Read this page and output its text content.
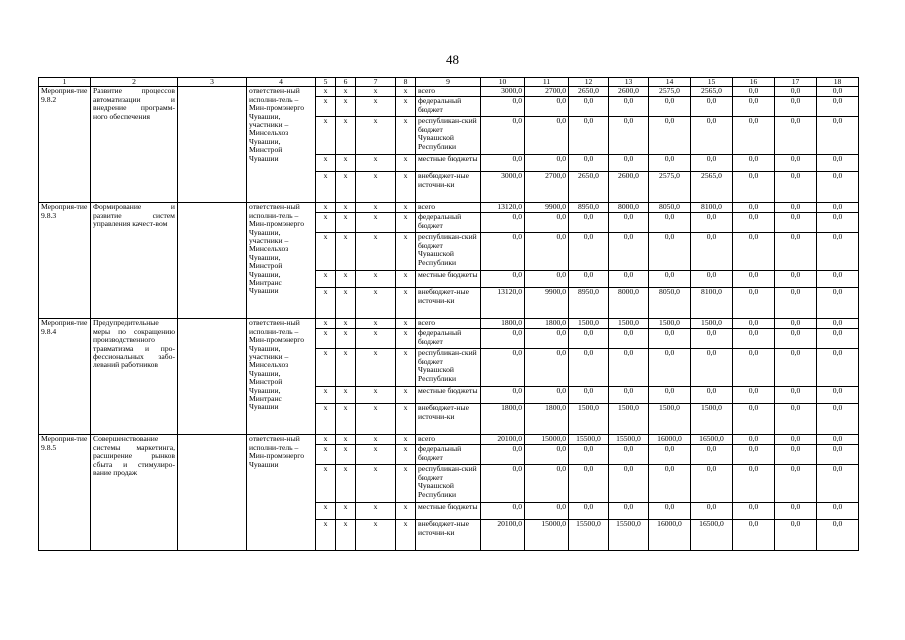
48
1	2	3	4	5	6	7	8	9	10	11	12	13	14	15	16	17	18
Мероприя-тие 9.8.2	Развитие процессов автоматизации и внедрение программ-ного обеспечения		ответствен-ный исполни-тель – Мин-промэнерго Чувашии, участники – Минсельхоз Чувашии, Минстрой Чувашии	x	x	x	x	всего	3000,0	2700,0	2650,0	2600,0	2575,0	2565,0	0,0	0,0	0,0
				x	x	x	x	федеральный бюджет	0,0	0,0	0,0	0,0	0,0	0,0	0,0	0,0	0,0
				x	x	x	x	республикан-ский бюджет Чувашской Республики	0,0	0,0	0,0	0,0	0,0	0,0	0,0	0,0	0,0
				x	x	x	x	местные бюджеты	0,0	0,0	0,0	0,0	0,0	0,0	0,0	0,0	0,0
				x	x	x	x	внебюджет-ные источни-ки	3000,0	2700,0	2650,0	2600,0	2575,0	2565,0	0,0	0,0	0,0
Мероприя-тие 9.8.3	Формирование и развитие систем управления качест-вом		ответствен-ный исполни-тель – Мин-промэнерго Чувашии, участники – Минсельхоз Чувашии, Минстрой Чувашии, Минтранс Чувашии	x	x	x	x	всего	13120,0	9900,0	8950,0	8000,0	8050,0	8100,0	0,0	0,0	0,0
				x	x	x	x	федеральный бюджет	0,0	0,0	0,0	0,0	0,0	0,0	0,0	0,0	0,0
				x	x	x	x	республикан-ский бюджет Чувашской Республики	0,0	0,0	0,0	0,0	0,0	0,0	0,0	0,0	0,0
				x	x	x	x	местные бюджеты	0,0	0,0	0,0	0,0	0,0	0,0	0,0	0,0	0,0
				x	x	x	x	внебюджет-ные источни-ки	13120,0	9900,0	8950,0	8000,0	8050,0	8100,0	0,0	0,0	0,0
Мероприя-тие 9.8.4	Предупредительные меры по сокращению производственного травматизма и про-фессиональных забо-леваний работников		ответствен-ный исполни-тель – Мин-промэнерго Чувашии, участники – Минсельхоз Чувашии, Минстрой Чувашии, Минтранс Чувашии	x	x	x	x	всего	1800,0	1800,0	1500,0	1500,0	1500,0	1500,0	0,0	0,0	0,0
				x	x	x	x	федеральный бюджет	0,0	0,0	0,0	0,0	0,0	0,0	0,0	0,0	0,0
				x	x	x	x	республикан-ский бюджет Чувашской Республики	0,0	0,0	0,0	0,0	0,0	0,0	0,0	0,0	0,0
				x	x	x	x	местные бюджеты	0,0	0,0	0,0	0,0	0,0	0,0	0,0	0,0	0,0
				x	x	x	x	внебюджет-ные источни-ки	1800,0	1800,0	1500,0	1500,0	1500,0	1500,0	0,0	0,0	0,0
Мероприя-тие 9.8.5	Совершенствование системы маркетинга, расширение рынков сбыта и стимулиро-вание продаж		ответствен-ный исполни-тель – Мин-промэнерго Чувашии	x	x	x	x	всего	20100,0	15000,0	15500,0	15500,0	16000,0	16500,0	0,0	0,0	0,0
				x	x	x	x	федеральный бюджет	0,0	0,0	0,0	0,0	0,0	0,0	0,0	0,0	0,0
				x	x	x	x	республикан-ский бюджет Чувашской Республики	0,0	0,0	0,0	0,0	0,0	0,0	0,0	0,0	0,0
				x	x	x	x	местные бюджеты	0,0	0,0	0,0	0,0	0,0	0,0	0,0	0,0	0,0
				x	x	x	x	внебюджет-ные источни-ки	20100,0	15000,0	15500,0	15500,0	16000,0	16500,0	0,0	0,0	0,0
